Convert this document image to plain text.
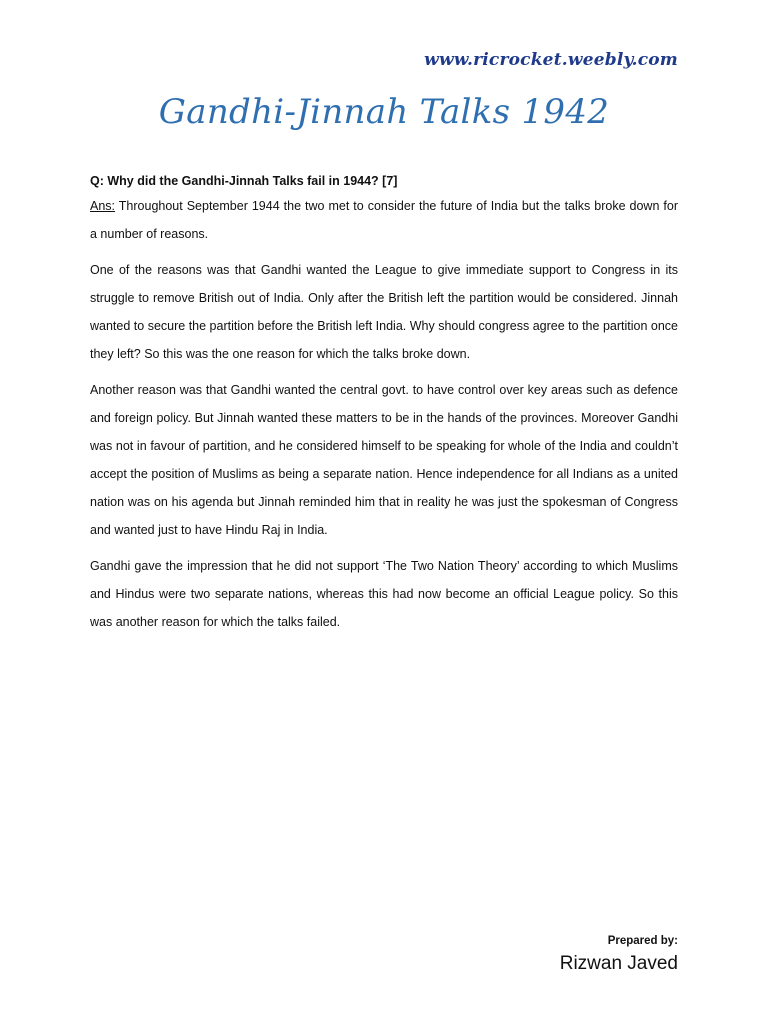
www.ricrocket.weebly.com
Gandhi-Jinnah Talks 1942

Q: Why did the Gandhi-Jinnah Talks fail in 1944? [7]

Ans: Throughout September 1944 the two met to consider the future of India but the talks broke down for a number of reasons.

One of the reasons was that Gandhi wanted the League to give immediate support to Congress in its struggle to remove British out of India. Only after the British left the partition would be considered. Jinnah wanted to secure the partition before the British left India. Why should congress agree to the partition once they left? So this was the one reason for which the talks broke down.

Another reason was that Gandhi wanted the central govt. to have control over key areas such as defence and foreign policy. But Jinnah wanted these matters to be in the hands of the provinces. Moreover Gandhi was not in favour of partition, and he considered himself to be speaking for whole of the India and couldn’t accept the position of Muslims as being a separate nation. Hence independence for all Indians as a united nation was on his agenda but Jinnah reminded him that in reality he was just the spokesman of Congress and wanted just to have Hindu Raj in India.

Gandhi gave the impression that he did not support ‘The Two Nation Theory’ according to which Muslims and Hindus were two separate nations, whereas this had now become an official League policy. So this was another reason for which the talks failed.

Prepared by:
Rizwan Javed
